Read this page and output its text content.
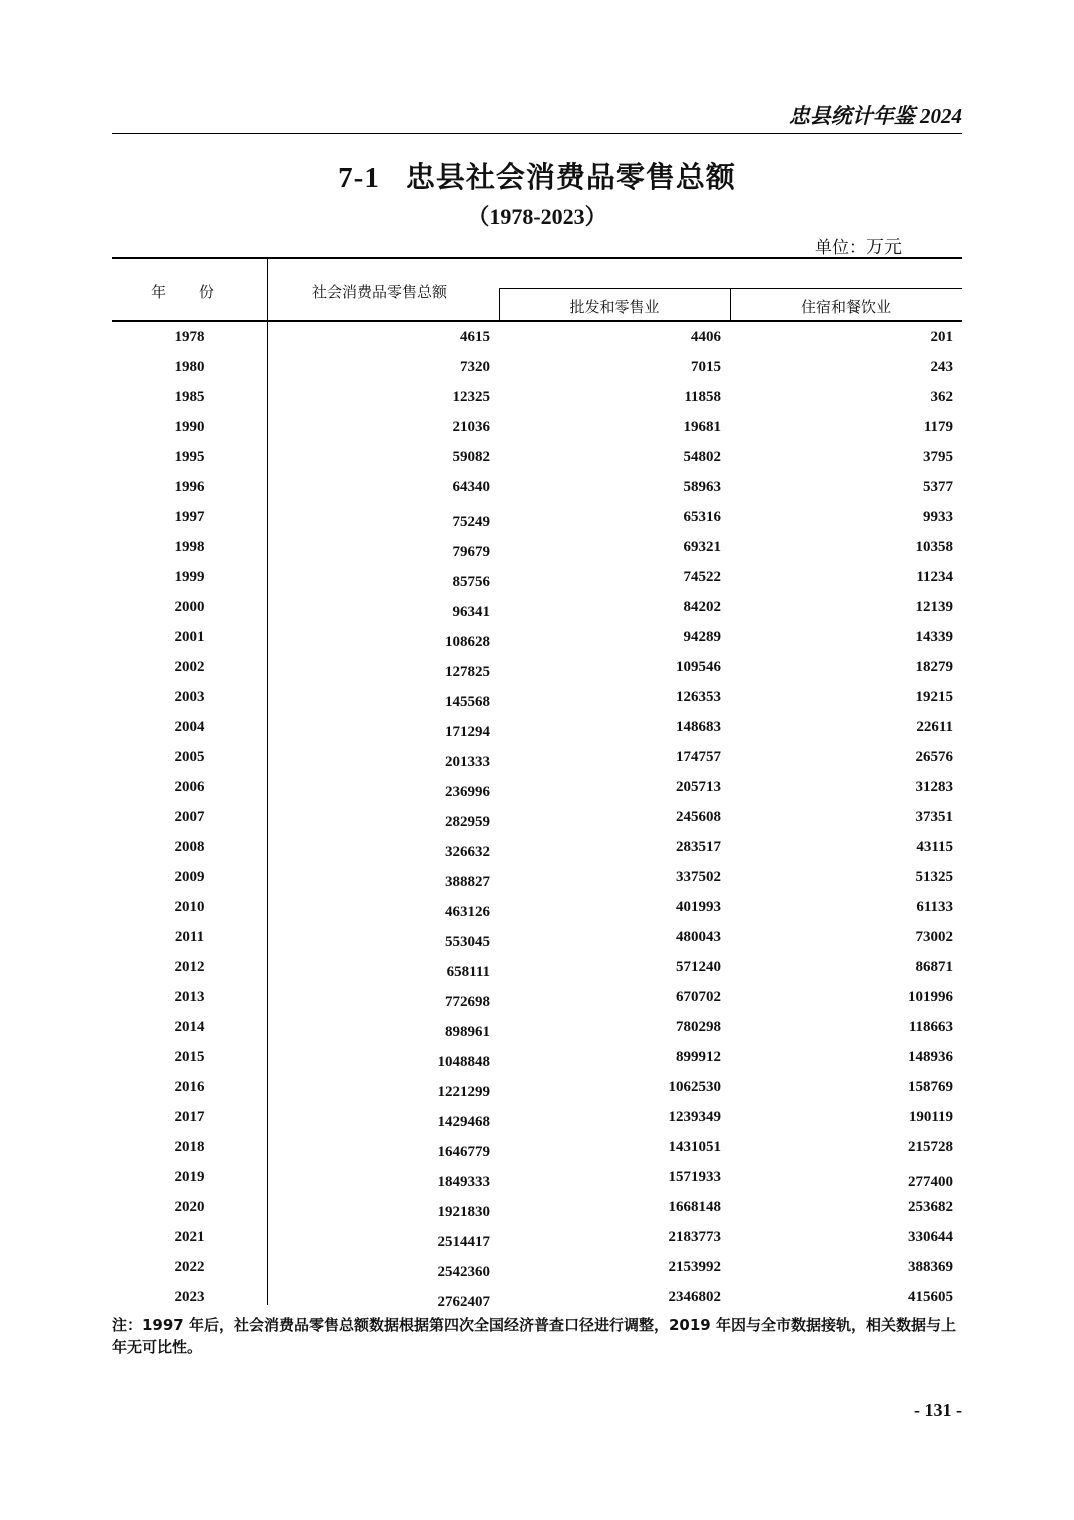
忠县统计年鉴 2024
7-1 忠县社会消费品零售总额
（1978-2023）
单位：万元
年 份	社会消费品零售总额
批发和零售业	住宿和餐饮业
1978	4615	4406	201
1980	7320	7015	243
1985	12325	11858	362
1990	21036	19681	1179
1995	59082	54802	3795
1996	64340	58963	5377
1997	75249	65316	9933
1998	79679	69321	10358
1999	85756	74522	11234
2000	96341	84202	12139
2001	108628	94289	14339
2002	127825	109546	18279
2003	145568	126353	19215
2004	171294	148683	22611
2005	201333	174757	26576
2006	236996	205713	31283
2007	282959	245608	37351
2008	326632	283517	43115
2009	388827	337502	51325
2010	463126	401993	61133
2011	553045	480043	73002
2012	658111	571240	86871
2013	772698	670702	101996
2014	898961	780298	118663
2015	1048848	899912	148936
2016	1221299	1062530	158769
2017	1429468	1239349	190119
2018	1646779	1431051	215728
2019	1849333	1571933	277400
2020	1921830	1668148	253682
2021	2514417	2183773	330644
2022	2542360	2153992	388369
2023	2762407	2346802	415605
注：1997 年后，社会消费品零售总额数据根据第四次全国经济普查口径进行调整，2019 年因与全市数据接轨，相关数据与上年无可比性。
- 131 -
